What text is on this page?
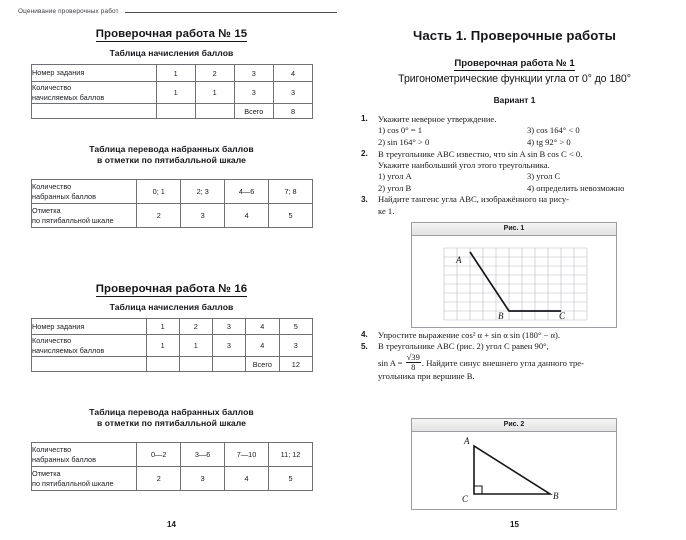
Оценивание проверочных работ
Проверочная работа № 15
Таблица начисления баллов
Номер задания	1	2	3	4
Количество
начисляемых баллов	1	1	3	3
			Всего	8
Таблица перевода набранных баллов
в отметки по пятибалльной шкале
Количество
набранных баллов	0; 1	2; 3	4—6	7; 8
Отметка
по пятибалльной шкале	2	3	4	5
Проверочная работа № 16
Таблица начисления баллов
Номер задания	1	2	3	4	5
Количество
начисляемых баллов	1	1	3	4	3
				Всего	12
Таблица перевода набранных баллов
в отметки по пятибалльной шкале
Количество
набранных баллов	0—2	3—6	7—10	11; 12
Отметка
по пятибалльной шкале	2	3	4	5
14
Часть 1. Проверочные работы
Проверочная работа № 1
Тригонометрические функции угла от 0° до 180°
Вариант 1
1.	Укажите неверное утверждение.
1) cos 0° = 1
2) sin 164° > 0
3) cos 164° < 0
4) tg 92° > 0
2.	В треугольнике ABC известно, что sin A sin B cos C < 0.
Укажите наибольший угол этого треугольника.
1) угол A
2) угол B
3) угол C
4) определить невозможно
3.	Найдите тангенс угла ABC, изображённого на рису-
ке 1.
4.	Упростите выражение cos² α + sin α sin (180° − α).
5.	В треугольнике ABC (рис. 2) угол C равен 90°,
$\sin A = \frac{√39}{8}$ . Найдите синус внешнего угла данного тре-
угольника при вершине B.
Рис. 1
A
B	C
Рис. 2
A
B
C
15
